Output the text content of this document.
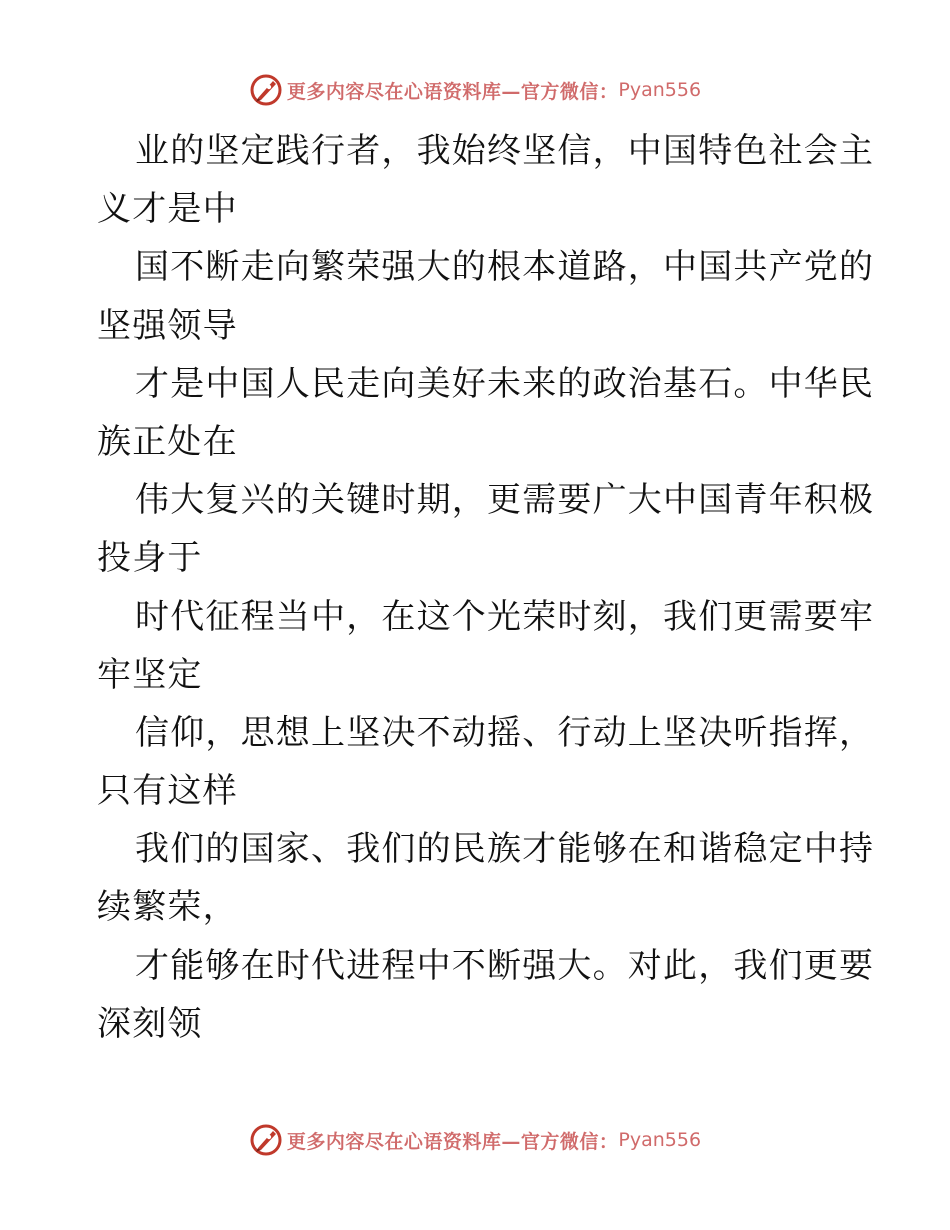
更多内容尽在心语资料库—官方微信： Pyan556
业的坚定践行者，我始终坚信，中国特色社会主
义才是中
国不断走向繁荣强大的根本道路，中国共产党的
坚强领导
才是中国人民走向美好未来的政治基石。中华民
族正处在
伟大复兴的关键时期，更需要广大中国青年积极
投身于
时代征程当中，在这个光荣时刻，我们更需要牢
牢坚定
信仰，思想上坚决不动摇、行动上坚决听指挥，
只有这样
我们的国家、我们的民族才能够在和谐稳定中持
续繁荣，
才能够在时代进程中不断强大。对此，我们更要
深刻领
更多内容尽在心语资料库—官方微信： Pyan556
